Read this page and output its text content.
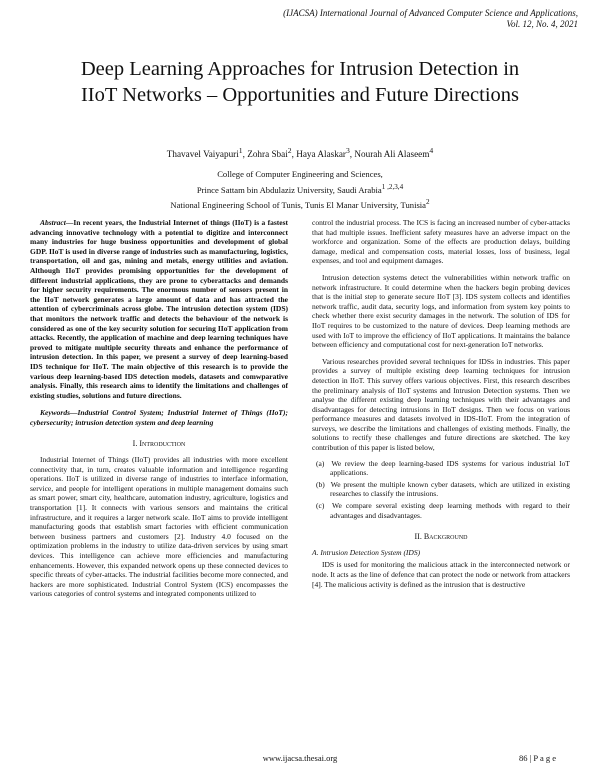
(IJACSA) International Journal of Advanced Computer Science and Applications,
Vol. 12, No. 4, 2021
Deep Learning Approaches for Intrusion Detection in
IIoT Networks – Opportunities and Future Directions
Thavavel Vaiyapuri$^1$, Zohra Sbai$^2$, Haya Alaskar$^3$, Nourah Ali Alaseem$^4$
College of Computer Engineering and Sciences,
Prince Sattam bin Abdulaziz University, Saudi Arabia$^{1 ,2,3,4}$
National Engineering School of Tunis, Tunis El Manar University, Tunisia$^2$

Abstract—In recent years, the Industrial Internet of things (IIoT) is a fastest advancing innovative technology with a potential to digitize and interconnect many industries for huge business opportunities and development of global GDP. IIoT is used in diverse range of industries such as manufacturing, logistics, transportation, oil and gas, mining and metals, energy utilities and aviation. Although IIoT provides promising opportunities for the development of different industrial applications, they are prone to cyberattacks and demands for higher security requirements. The enormous number of sensors present in the IIoT network generates a large amount of data and has attracted the attention of cybercriminals across globe. The intrusion detection system (IDS) that monitors the network traffic and detects the behaviour of the network is considered as one of the key security solution for securing IIoT application from attacks. Recently, the application of machine and deep learning techniques have proved to mitigate multiple security threats and enhance the performance of intrusion detection. In this paper, we present a survey of deep learning-based IDS technique for IIoT. The main objective of this research is to provide the various deep learning-based IDS detection models, datasets and comwparative analysis. Finally, this research aims to identify the limitations and challenges of existing studies, solutions and future directions.

Keywords—Industrial Control System; Industrial Internet of Things (IIoT); cybersecurity; intrusion detection system and deep learning

I. Introduction

Industrial Internet of Things (IIoT) provides all industries with more excellent connectivity that, in turn, creates valuable information and intelligence regarding operations. IIoT is utilized in diverse range of industries to interface information, service, and people for intelligent operations in multiple management domains such as smart power, smart city, healthcare, automation industry, agriculture, logistics and transportation [1]. It connects with various sensors and maintains the critical infrastructure, and it requires a larger network scale. IIoT aims to provide intelligent manufacturing goods that establish smart factories with efficient communication between business partners and customers [2]. Industry 4.0 focused on the optimization problems in the industry to utilize data-driven services by using smart devices. This intelligence can achieve more efficiencies and manufacturing enhancements. However, this expanded network opens up these connected devices to specific threats of cyber-attacks. The industrial facilities become more connected, and hackers are more sophisticated. Industrial Control System (ICS) encompasses the various categories of control systems and integrated components utilized to

control the industrial process. The ICS is facing an increased number of cyber-attacks that had multiple issues. Inefficient safety measures have an adverse impact on the workforce and organization. Some of the effects are production delays, building damage, medical and compensation costs, material losses, loss of business, legal expenses, and tool and equipment damages.

Intrusion detection systems detect the vulnerabilities within network traffic on network infrastructure. It could determine when the hackers begin probing devices that is the initial step to generate secure IIoT [3]. IDS system collects and identifies network traffic, audit data, security logs, and information from system key points to check whether there exist security damages in the network. The solution of IDS for IIoT requires to be customized to the nature of devices. Deep learning methods are used with IoT to improve the efficiency of IIoT applications. It maintains the balance between efficiency and computational cost for next-generation IoT networks.

Various researches provided several techniques for IDSs in industries. This paper provides a survey of multiple existing deep learning techniques for intrusion detection in IIoT. This survey offers various objectives. First, this research describes the preliminary analysis of IIoT systems and Intrusion Detection systems. Then we analyse the different existing deep learning techniques with their advantages and disadvantages for detecting intrusions in IIoT designs. Then we focus on various performance measures and datasets involved in IDS-IIoT. From the integration of surveys, we describe the limitations and challenges of existing methods. Finally, the solutions to rectify these challenges and future directions are sketched. The key contribution of this paper is listed below,

(a) We review the deep learning-based IDS systems for various industrial IoT applications.
(b) We present the multiple known cyber datasets, which are utilized in existing researches to classify the intrusions.
(c) We compare several existing deep learning methods with regard to their advantages and disadvantages.

II. Background

A. Intrusion Detection System (IDS)

IDS is used for monitoring the malicious attack in the interconnected network or node. It acts as the line of defence that can protect the node or network from attackers [4]. The malicious activity is defined as the intrusion that is destructive

www.ijacsa.thesai.org	86 | P a g e
